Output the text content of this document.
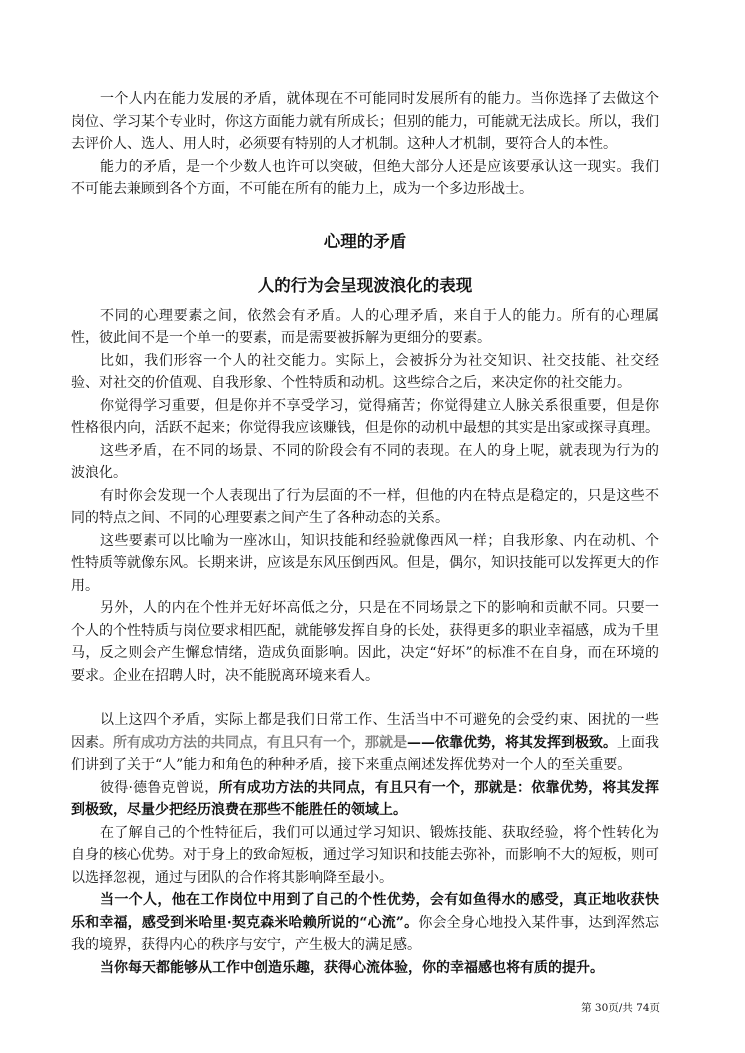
一个人内在能力发展的矛盾，就体现在不可能同时发展所有的能力。当你选择了去做这个岗位、学习某个专业时，你这方面能力就有所成长；但别的能力，可能就无法成长。所以，我们去评价人、选人、用人时，必须要有特别的人才机制。这种人才机制，要符合人的本性。

能力的矛盾，是一个少数人也许可以突破，但绝大部分人还是应该要承认这一现实。我们不可能去兼顾到各个方面，不可能在所有的能力上，成为一个多边形战士。

心理的矛盾
人的行为会呈现波浪化的表现

不同的心理要素之间，依然会有矛盾。人的心理矛盾，来自于人的能力。所有的心理属性，彼此间不是一个单一的要素，而是需要被拆解为更细分的要素。

比如，我们形容一个人的社交能力。实际上，会被拆分为社交知识、社交技能、社交经验、对社交的价值观、自我形象、个性特质和动机。这些综合之后，来决定你的社交能力。

你觉得学习重要，但是你并不享受学习，觉得痛苦；你觉得建立人脉关系很重要，但是你性格很内向，活跃不起来；你觉得我应该赚钱，但是你的动机中最想的其实是出家或探寻真理。

这些矛盾，在不同的场景、不同的阶段会有不同的表现。在人的身上呢，就表现为行为的波浪化。

有时你会发现一个人表现出了行为层面的不一样，但他的内在特点是稳定的，只是这些不同的特点之间、不同的心理要素之间产生了各种动态的关系。

这些要素可以比喻为一座冰山，知识技能和经验就像西风一样；自我形象、内在动机、个性特质等就像东风。长期来讲，应该是东风压倒西风。但是，偶尔，知识技能可以发挥更大的作用。

另外，人的内在个性并无好坏高低之分，只是在不同场景之下的影响和贡献不同。只要一个人的个性特质与岗位要求相匹配，就能够发挥自身的长处，获得更多的职业幸福感，成为千里马，反之则会产生懈怠情绪，造成负面影响。因此，决定“好坏”的标准不在自身，而在环境的要求。企业在招聘人时，决不能脱离环境来看人。

以上这四个矛盾，实际上都是我们日常工作、生活当中不可避免的会受约束、困扰的一些因素。所有成功方法的共同点，有且只有一个，那就是——依靠优势，将其发挥到极致。上面我们讲到了关于“人”能力和角色的种种矛盾，接下来重点阐述发挥优势对一个人的至关重要。

彼得·德鲁克曾说，所有成功方法的共同点，有且只有一个，那就是：依靠优势，将其发挥到极致，尽量少把经历浪费在那些不能胜任的领域上。

在了解自己的个性特征后，我们可以通过学习知识、锻炼技能、获取经验，将个性转化为自身的核心优势。对于身上的致命短板，通过学习知识和技能去弥补，而影响不大的短板，则可以选择忽视，通过与团队的合作将其影响降至最小。

当一个人，他在工作岗位中用到了自己的个性优势，会有如鱼得水的感受，真正地收获快乐和幸福，感受到米哈里·契克森米哈赖所说的“心流”。你会全身心地投入某件事，达到浑然忘我的境界，获得内心的秩序与安宁，产生极大的满足感。

当你每天都能够从工作中创造乐趣，获得心流体验，你的幸福感也将有质的提升。

第 30页/共 74页
